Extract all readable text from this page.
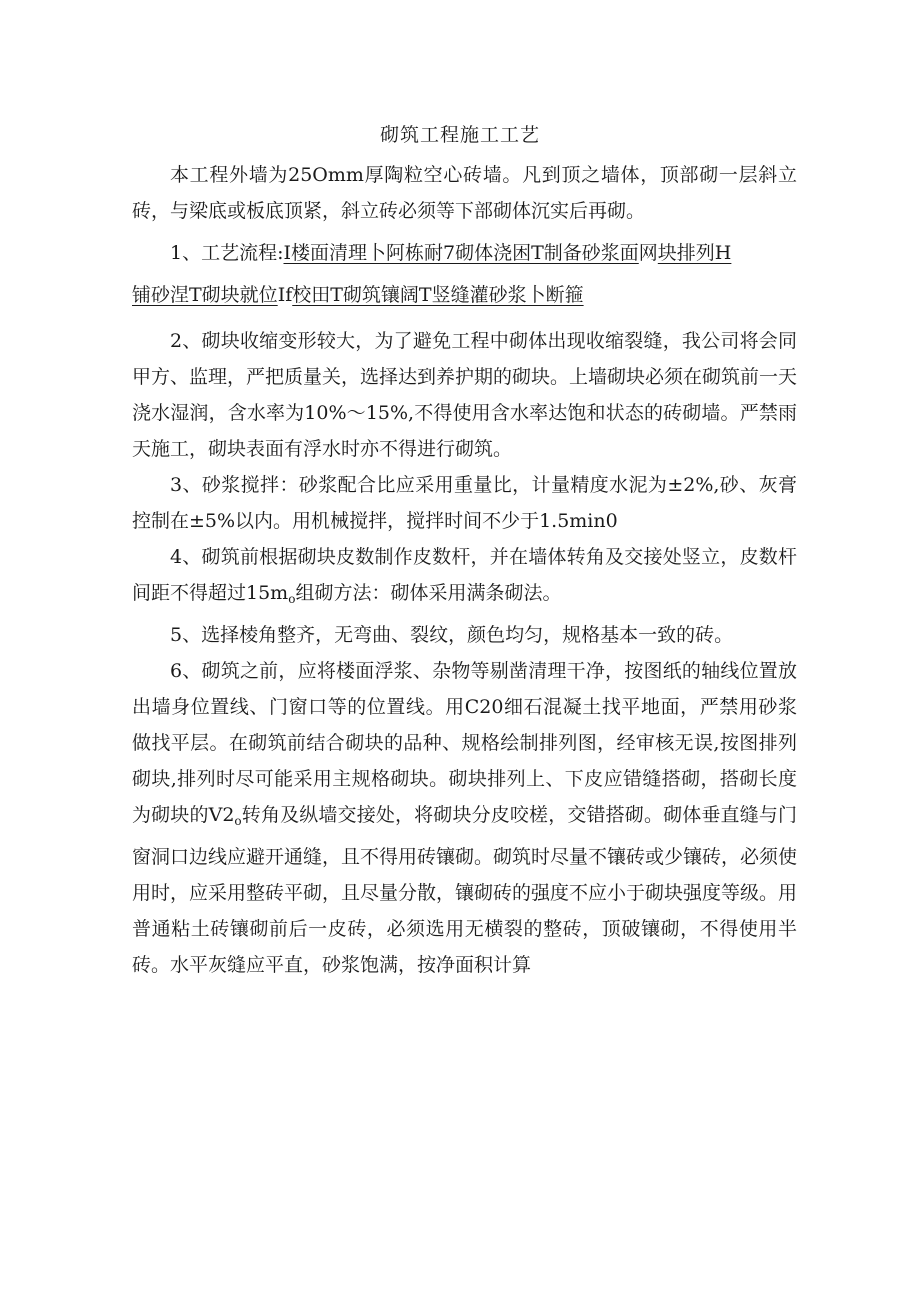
砌筑工程施工工艺

本工程外墙为25Omm厚陶粒空心砖墙。凡到顶之墙体，顶部砌一层斜立砖，与梁底或板底顶紧，斜立砖必须等下部砌体沉实后再砌。

1、工艺流程:I楼面清理卜阿栋耐7砌体浇困T制备砂浆面网块排列H

铺砂涅T砌块就位If校田T砌筑镶阔T竖缝灌砂浆卜断箍

2、砌块收缩变形较大，为了避免工程中砌体出现收缩裂缝，我公司将会同甲方、监理，严把质量关，选择达到养护期的砌块。上墙砌块必须在砌筑前一天浇水湿润，含水率为10%～15%,不得使用含水率达饱和状态的砖砌墙。严禁雨天施工，砌块表面有浮水时亦不得进行砌筑。

3、砂浆搅拌：砂浆配合比应采用重量比，计量精度水泥为±2%,砂、灰膏控制在±5%以内。用机械搅拌，搅拌时间不少于1.5min0

4、砌筑前根据砌块皮数制作皮数杆，并在墙体转角及交接处竖立，皮数杆间距不得超过$15m_o$组砌方法：砌体采用满条砌法。

5、选择棱角整齐，无弯曲、裂纹，颜色均匀，规格基本一致的砖。

6、砌筑之前，应将楼面浮浆、杂物等剔凿清理干净，按图纸的轴线位置放出墙身位置线、门窗口等的位置线。用C20细石混凝土找平地面，严禁用砂浆做找平层。在砌筑前结合砌块的品种、规格绘制排列图，经审核无误,按图排列砌块,排列时尽可能采用主规格砌块。砌块排列上、下皮应错缝搭砌，搭砌长度为砌块的$V2_o$转角及纵墙交接处，将砌块分皮咬槎，交错搭砌。砌体垂直缝与门窗洞口边线应避开通缝，且不得用砖镶砌。砌筑时尽量不镶砖或少镶砖，必须使用时，应采用整砖平砌，且尽量分散，镶砌砖的强度不应小于砌块强度等级。用普通粘土砖镶砌前后一皮砖，必须选用无横裂的整砖，顶破镶砌，不得使用半砖。水平灰缝应平直，砂浆饱满，按净面积计算
